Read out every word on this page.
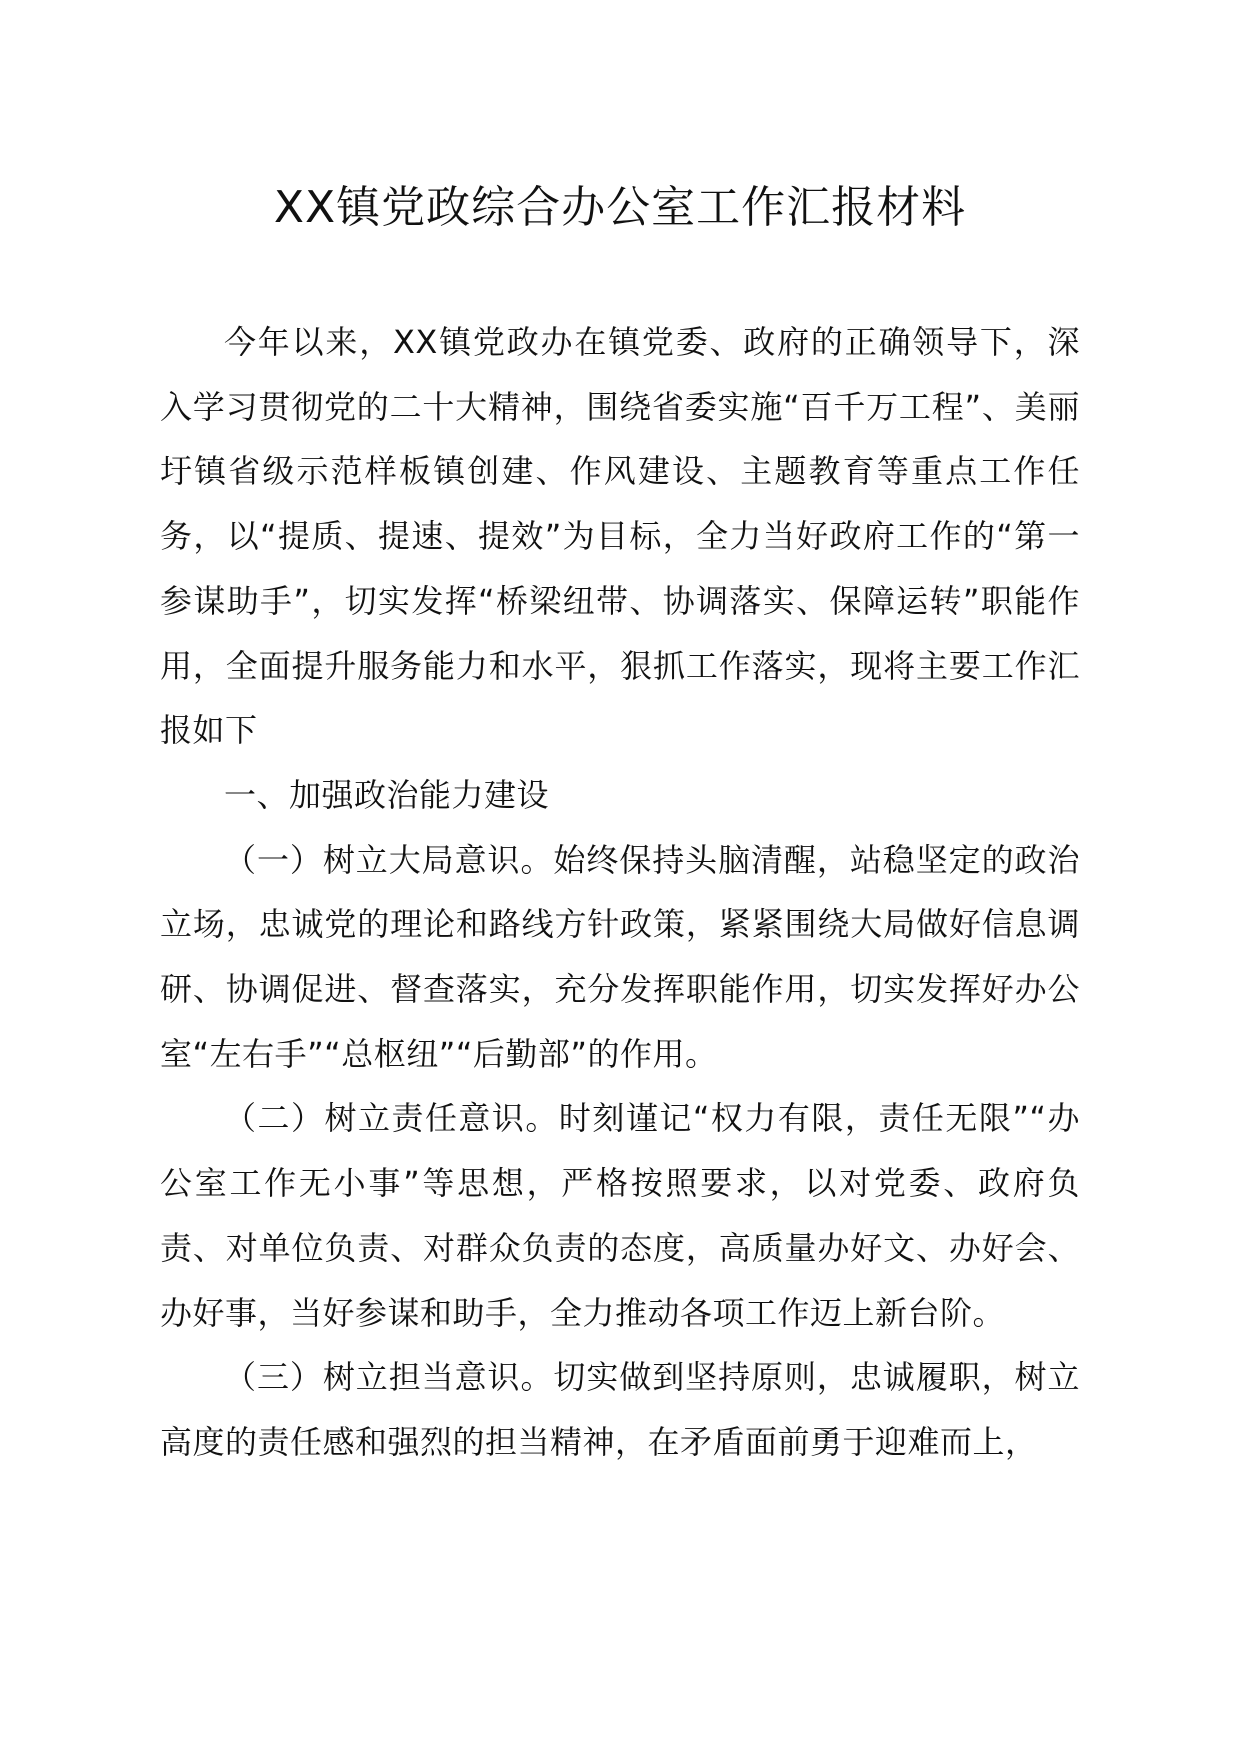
XX镇党政综合办公室工作汇报材料

今年以来，XX镇党政办在镇党委、政府的正确领导下，深入学习贯彻党的二十大精神，围绕省委实施“百千万工程”、美丽圩镇省级示范样板镇创建、作风建设、主题教育等重点工作任务，以“提质、提速、提效”为目标，全力当好政府工作的“第一参谋助手”，切实发挥“桥梁纽带、协调落实、保障运转”职能作用，全面提升服务能力和水平，狠抓工作落实，现将主要工作汇报如下

一、加强政治能力建设

（一）树立大局意识。始终保持头脑清醒，站稳坚定的政治立场，忠诚党的理论和路线方针政策，紧紧围绕大局做好信息调研、协调促进、督查落实，充分发挥职能作用，切实发挥好办公室“左右手”“总枢纽”“后勤部”的作用。

（二）树立责任意识。时刻谨记“权力有限，责任无限”“办公室工作无小事”等思想，严格按照要求，以对党委、政府负责、对单位负责、对群众负责的态度，高质量办好文、办好会、办好事，当好参谋和助手，全力推动各项工作迈上新台阶。

（三）树立担当意识。切实做到坚持原则，忠诚履职，树立高度的责任感和强烈的担当精神，在矛盾面前勇于迎难而上，
